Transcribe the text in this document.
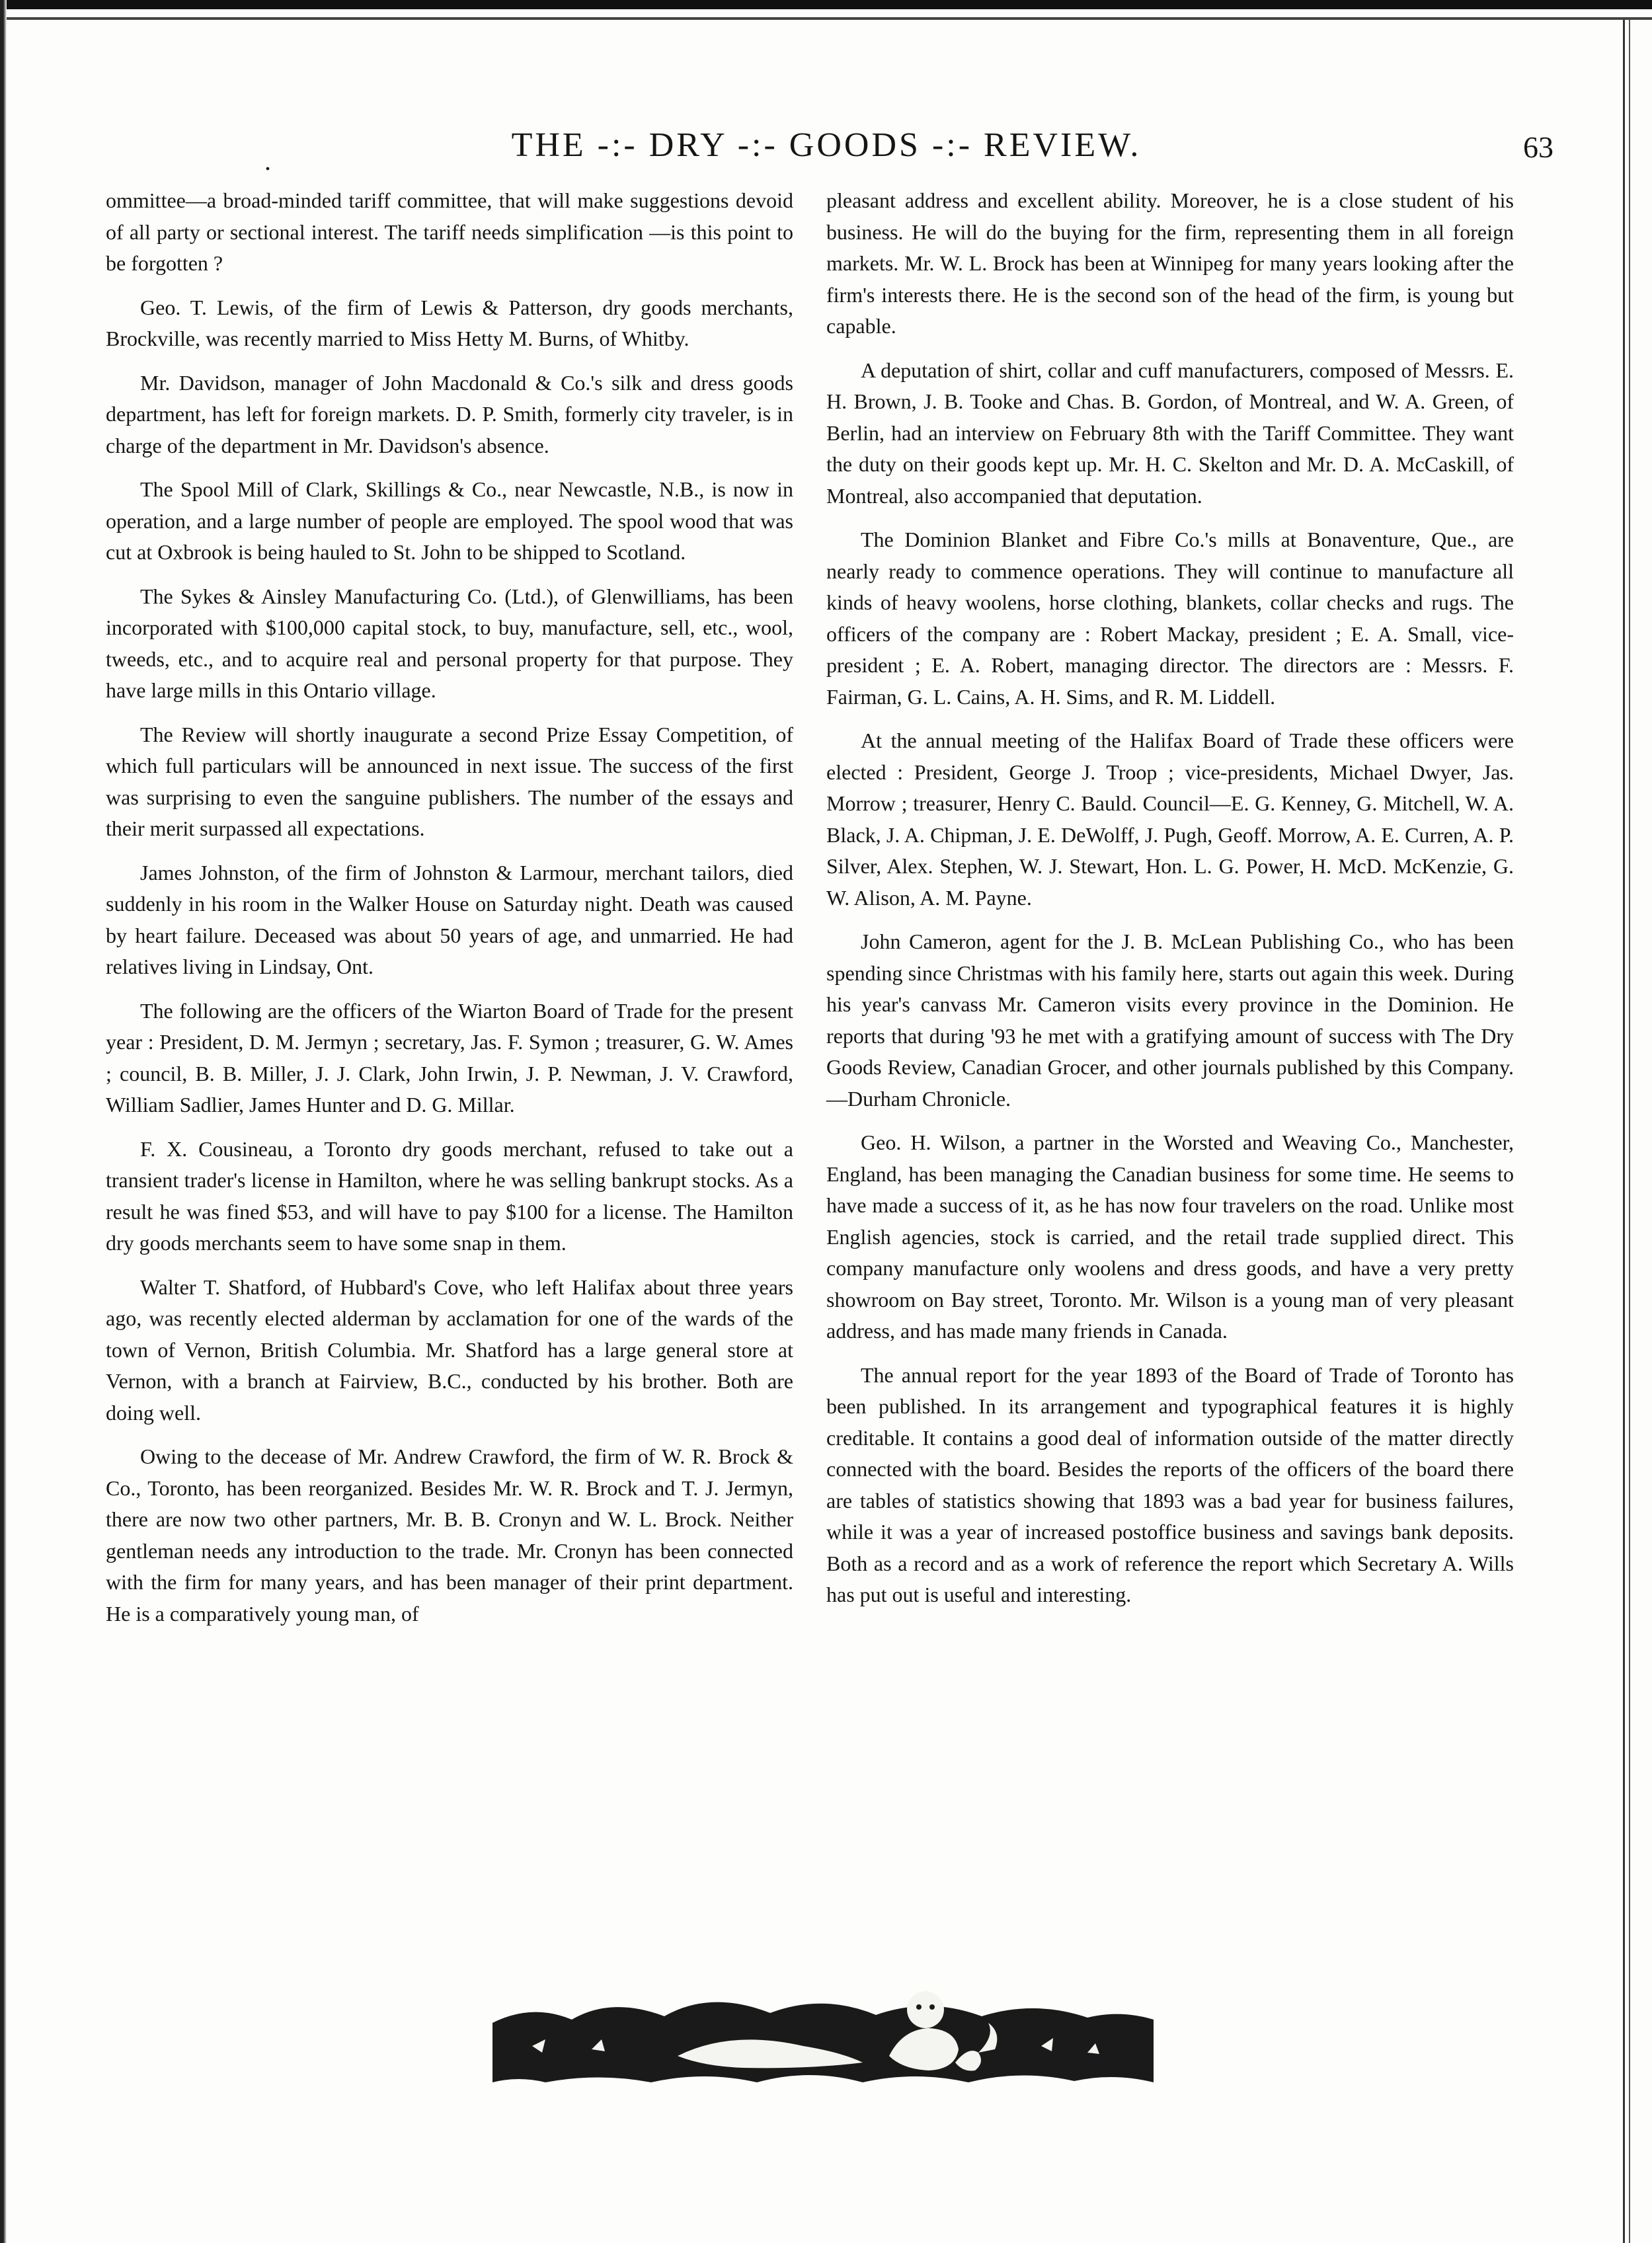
.	THE -:- DRY -:- GOODS -:- REVIEW.	63

ommittee—a broad-minded tariff committee, that will make suggestions devoid of all party or sectional interest. The tariff needs simplification —is this point to be forgotten ?

Geo. T. Lewis, of the firm of Lewis & Patterson, dry goods merchants, Brockville, was recently married to Miss Hetty M. Burns, of Whitby.

Mr. Davidson, manager of John Macdonald & Co.'s silk and dress goods department, has left for foreign markets. D. P. Smith, formerly city traveler, is in charge of the department in Mr. Davidson's absence.

The Spool Mill of Clark, Skillings & Co., near Newcastle, N.B., is now in operation, and a large number of people are employed. The spool wood that was cut at Oxbrook is being hauled to St. John to be shipped to Scotland.

The Sykes & Ainsley Manufacturing Co. (Ltd.), of Glenwilliams, has been incorporated with $100,000 capital stock, to buy, manufacture, sell, etc., wool, tweeds, etc., and to acquire real and personal property for that purpose. They have large mills in this Ontario village.

The Review will shortly inaugurate a second Prize Essay Competition, of which full particulars will be announced in next issue. The success of the first was surprising to even the sanguine publishers. The number of the essays and their merit surpassed all expectations.

James Johnston, of the firm of Johnston & Larmour, merchant tailors, died suddenly in his room in the Walker House on Saturday night. Death was caused by heart failure. Deceased was about 50 years of age, and unmarried. He had relatives living in Lindsay, Ont.

The following are the officers of the Wiarton Board of Trade for the present year : President, D. M. Jermyn ; secretary, Jas. F. Symon ; treasurer, G. W. Ames ; council, B. B. Miller, J. J. Clark, John Irwin, J. P. Newman, J. V. Crawford, William Sadlier, James Hunter and D. G. Millar.

F. X. Cousineau, a Toronto dry goods merchant, refused to take out a transient trader's license in Hamilton, where he was selling bankrupt stocks. As a result he was fined $53, and will have to pay $100 for a license. The Hamilton dry goods merchants seem to have some snap in them.

Walter T. Shatford, of Hubbard's Cove, who left Halifax about three years ago, was recently elected alderman by acclamation for one of the wards of the town of Vernon, British Columbia. Mr. Shatford has a large general store at Vernon, with a branch at Fairview, B.C., conducted by his brother. Both are doing well.

Owing to the decease of Mr. Andrew Crawford, the firm of W. R. Brock & Co., Toronto, has been reorganized. Besides Mr. W. R. Brock and T. J. Jermyn, there are now two other partners, Mr. B. B. Cronyn and W. L. Brock. Neither gentleman needs any introduction to the trade. Mr. Cronyn has been connected with the firm for many years, and has been manager of their print department. He is a comparatively young man, of

pleasant address and excellent ability. Moreover, he is a close student of his business. He will do the buying for the firm, representing them in all foreign markets. Mr. W. L. Brock has been at Winnipeg for many years looking after the firm's interests there. He is the second son of the head of the firm, is young but capable.

A deputation of shirt, collar and cuff manufacturers, composed of Messrs. E. H. Brown, J. B. Tooke and Chas. B. Gordon, of Montreal, and W. A. Green, of Berlin, had an interview on February 8th with the Tariff Committee. They want the duty on their goods kept up. Mr. H. C. Skelton and Mr. D. A. McCaskill, of Montreal, also accompanied that deputation.

The Dominion Blanket and Fibre Co.'s mills at Bonaventure, Que., are nearly ready to commence operations. They will continue to manufacture all kinds of heavy woolens, horse clothing, blankets, collar checks and rugs. The officers of the company are : Robert Mackay, president ; E. A. Small, vice-president ; E. A. Robert, managing director. The directors are : Messrs. F. Fairman, G. L. Cains, A. H. Sims, and R. M. Liddell.

At the annual meeting of the Halifax Board of Trade these officers were elected : President, George J. Troop ; vice-presidents, Michael Dwyer, Jas. Morrow ; treasurer, Henry C. Bauld. Council—E. G. Kenney, G. Mitchell, W. A. Black, J. A. Chipman, J. E. DeWolff, J. Pugh, Geoff. Morrow, A. E. Curren, A. P. Silver, Alex. Stephen, W. J. Stewart, Hon. L. G. Power, H. McD. McKenzie, G. W. Alison, A. M. Payne.

John Cameron, agent for the J. B. McLean Publishing Co., who has been spending since Christmas with his family here, starts out again this week. During his year's canvass Mr. Cameron visits every province in the Dominion. He reports that during '93 he met with a gratifying amount of success with The Dry Goods Review, Canadian Grocer, and other journals published by this Company.—Durham Chronicle.

Geo. H. Wilson, a partner in the Worsted and Weaving Co., Manchester, England, has been managing the Canadian business for some time. He seems to have made a success of it, as he has now four travelers on the road. Unlike most English agencies, stock is carried, and the retail trade supplied direct. This company manufacture only woolens and dress goods, and have a very pretty showroom on Bay street, Toronto. Mr. Wilson is a young man of very pleasant address, and has made many friends in Canada.

The annual report for the year 1893 of the Board of Trade of Toronto has been published. In its arrangement and typographical features it is highly creditable. It contains a good deal of information outside of the matter directly connected with the board. Besides the reports of the officers of the board there are tables of statistics showing that 1893 was a bad year for business failures, while it was a year of increased postoffice business and savings bank deposits. Both as a record and as a work of reference the report which Secretary A. Wills has put out is useful and interesting.
